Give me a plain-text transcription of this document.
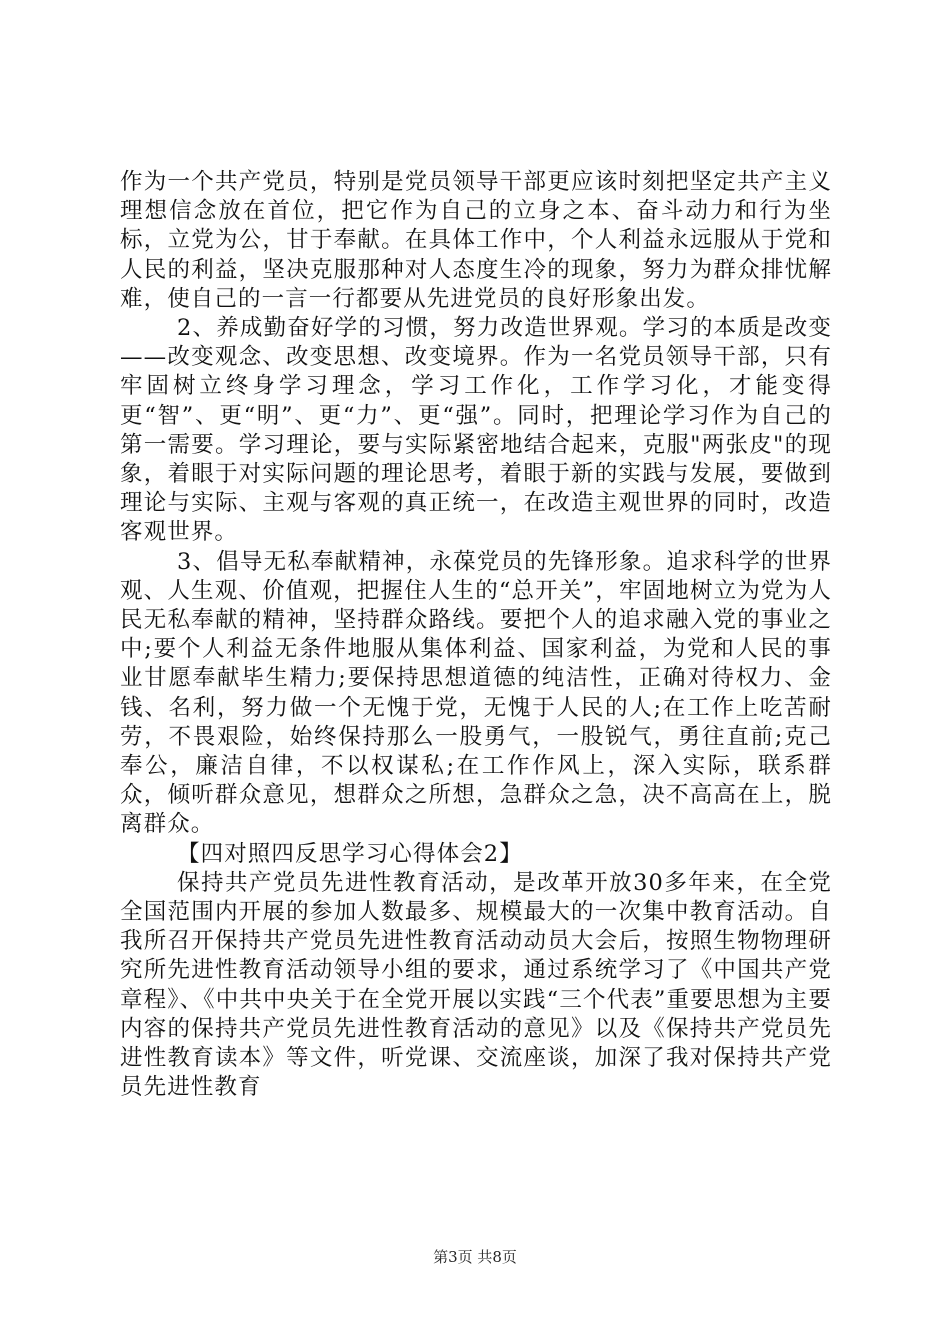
作为一个共产党员，特别是党员领导干部更应该时刻把坚定共产主义理想信念放在首位，把它作为自己的立身之本、奋斗动力和行为坐标，立党为公，甘于奉献。在具体工作中，个人利益永远服从于党和人民的利益，坚决克服那种对人态度生冷的现象，努力为群众排忧解难，使自己的一言一行都要从先进党员的良好形象出发。

2、养成勤奋好学的习惯，努力改造世界观。学习的本质是改变——改变观念、改变思想、改变境界。作为一名党员领导干部，只有牢固树立终身学习理念，学习工作化，工作学习化，才能变得更“智”、更“明”、更“力”、更“强”。同时，把理论学习作为自己的第一需要。学习理论，要与实际紧密地结合起来，克服"两张皮"的现象，着眼于对实际问题的理论思考，着眼于新的实践与发展，要做到理论与实际、主观与客观的真正统一，在改造主观世界的同时，改造客观世界。

3、倡导无私奉献精神，永葆党员的先锋形象。追求科学的世界观、人生观、价值观，把握住人生的“总开关”，牢固地树立为党为人民无私奉献的精神，坚持群众路线。要把个人的追求融入党的事业之中;要个人利益无条件地服从集体利益、国家利益，为党和人民的事业甘愿奉献毕生精力;要保持思想道德的纯洁性，正确对待权力、金钱、名利，努力做一个无愧于党，无愧于人民的人;在工作上吃苦耐劳，不畏艰险，始终保持那么一股勇气，一股锐气，勇往直前;克己奉公，廉洁自律，不以权谋私;在工作作风上，深入实际，联系群众，倾听群众意见，想群众之所想，急群众之急，决不高高在上，脱离群众。

【四对照四反思学习心得体会2】

保持共产党员先进性教育活动，是改革开放30多年来，在全党全国范围内开展的参加人数最多、规模最大的一次集中教育活动。自我所召开保持共产党员先进性教育活动动员大会后，按照生物物理研究所先进性教育活动领导小组的要求，通过系统学习了《中国共产党章程》、《中共中央关于在全党开展以实践“三个代表”重要思想为主要内容的保持共产党员先进性教育活动的意见》以及《保持共产党员先进性教育读本》等文件，听党课、交流座谈，加深了我对保持共产党员先进性教育

第3页 共8页
